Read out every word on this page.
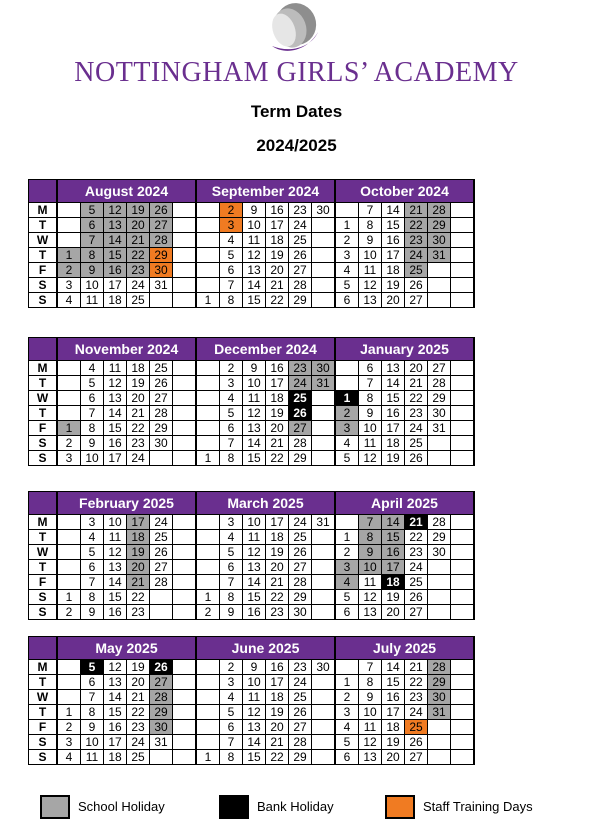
NOTTINGHAM GIRLS’ ACADEMY
Term Dates
2024/2025
	August 2024						September 2024						October 2024					
M		5	12	19	26			2	9	16	23	30		7	14	21	28	
T		6	13	20	27			3	10	17	24		1	8	15	22	29	
W		7	14	21	28			4	11	18	25		2	9	16	23	30	
T	1	8	15	22	29			5	12	19	26		3	10	17	24	31	
F	2	9	16	23	30			6	13	20	27		4	11	18	25		
S	3	10	17	24	31			7	14	21	28		5	12	19	26		
S	4	11	18	25			1	8	15	22	29		6	13	20	27		
	November 2024						December 2024						January 2025					
M		4	11	18	25			2	9	16	23	30		6	13	20	27	
T		5	12	19	26			3	10	17	24	31		7	14	21	28	
W		6	13	20	27			4	11	18	25		1	8	15	22	29	
T		7	14	21	28			5	12	19	26		2	9	16	23	30	
F	1	8	15	22	29			6	13	20	27		3	10	17	24	31	
S	2	9	16	23	30			7	14	21	28		4	11	18	25		
S	3	10	17	24			1	8	15	22	29		5	12	19	26		
	February 2025						March 2025						April 2025					
M		3	10	17	24			3	10	17	24	31		7	14	21	28	
T		4	11	18	25			4	11	18	25		1	8	15	22	29	
W		5	12	19	26			5	12	19	26		2	9	16	23	30	
T		6	13	20	27			6	13	20	27		3	10	17	24		
F		7	14	21	28			7	14	21	28		4	11	18	25		
S	1	8	15	22			1	8	15	22	29		5	12	19	26		
S	2	9	16	23			2	9	16	23	30		6	13	20	27		
	May 2025						June 2025						July 2025					
M		5	12	19	26			2	9	16	23	30		7	14	21	28	
T		6	13	20	27			3	10	17	24		1	8	15	22	29	
W		7	14	21	28			4	11	18	25		2	9	16	23	30	
T	1	8	15	22	29			5	12	19	26		3	10	17	24	31	
F	2	9	16	23	30			6	13	20	27		4	11	18	25		
S	3	10	17	24	31			7	14	21	28		5	12	19	26		
S	4	11	18	25			1	8	15	22	29		6	13	20	27		
School Holiday	Bank Holiday	Staff Training Days
